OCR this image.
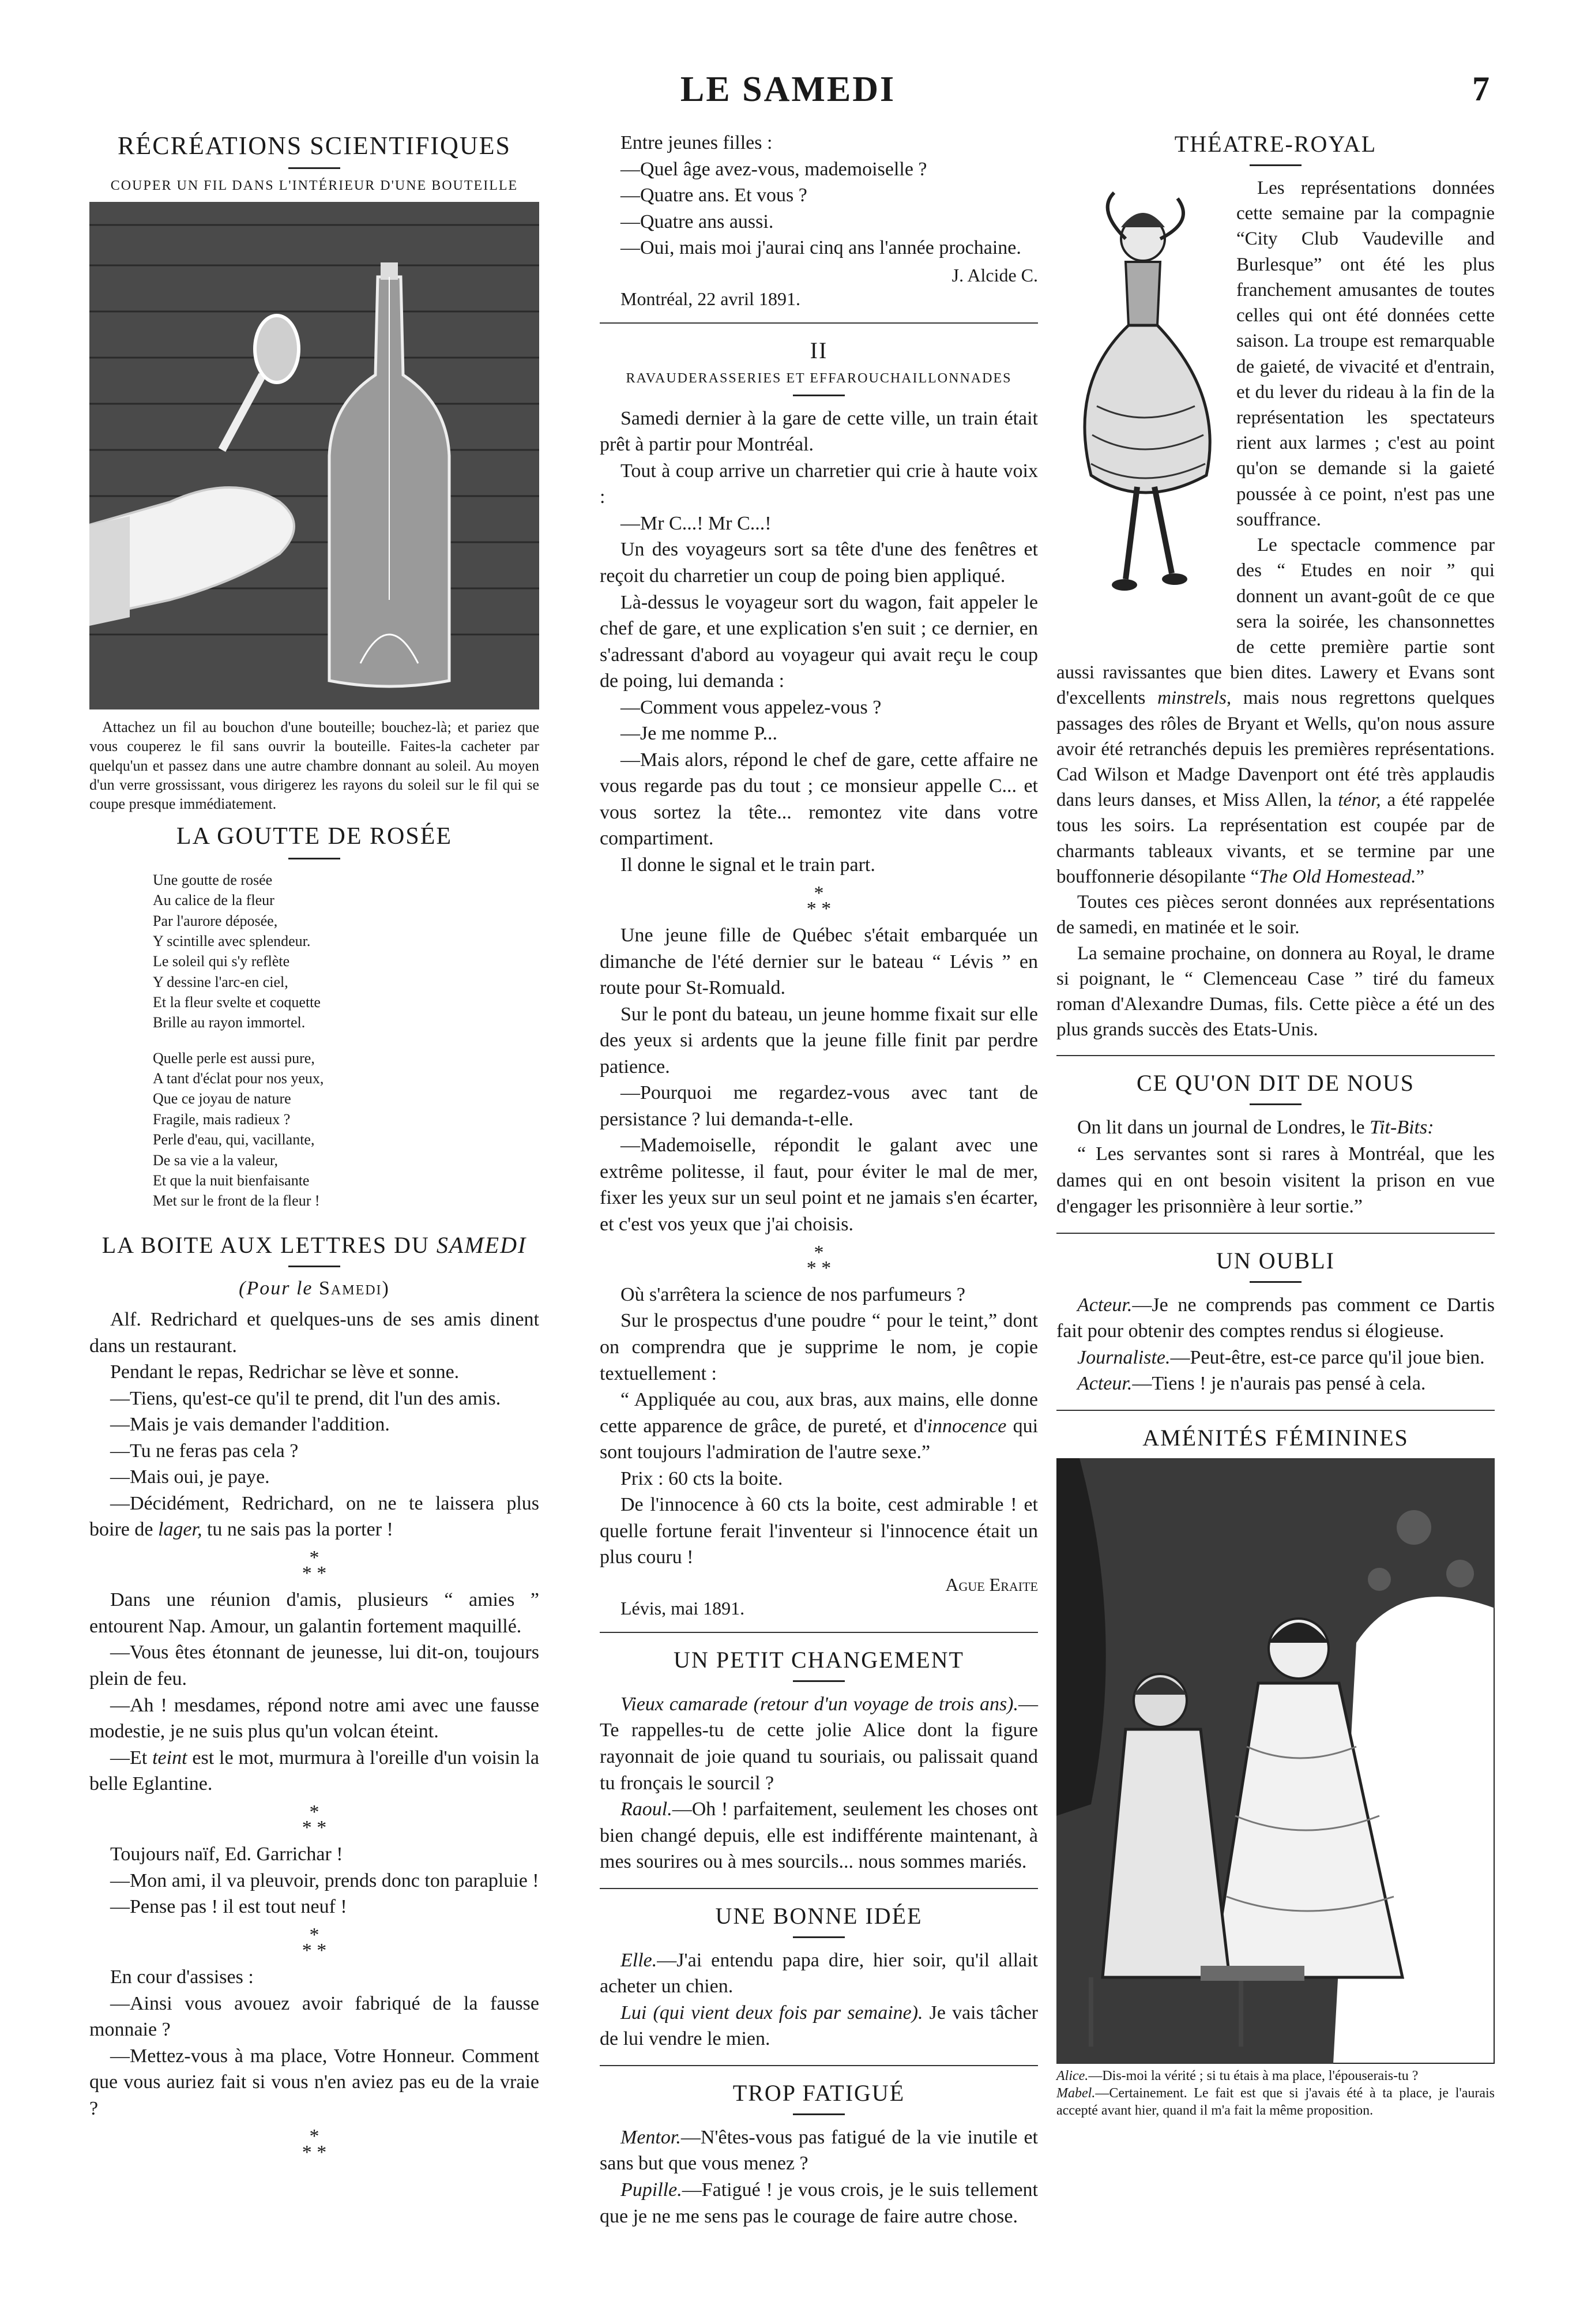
LE SAMEDI	7
RÉCRÉATIONS SCIENTIFIQUES
COUPER UN FIL DANS L'INTÉRIEUR D'UNE BOUTEILLE
Attachez un fil au bouchon d'une bouteille; bouchez-là; et pariez que vous couperez le fil sans ouvrir la bouteille. Faites-la cacheter par quelqu'un et passez dans une autre chambre donnant au soleil. Au moyen d'un verre grossissant, vous dirigerez les rayons du soleil sur le fil qui se coupe presque immédiatement.
LA GOUTTE DE ROSÉE
Une goutte de rosée
Au calice de la fleur
Par l'aurore déposée,
Y scintille avec splendeur.
Le soleil qui s'y reflète
Y dessine l'arc-en ciel,
Et la fleur svelte et coquette
Brille au rayon immortel.
Quelle perle est aussi pure,
A tant d'éclat pour nos yeux,
Que ce joyau de nature
Fragile, mais radieux ?
Perle d'eau, qui, vacillante,
De sa vie a la valeur,
Et que la nuit bienfaisante
Met sur le front de la fleur !
LA BOITE AUX LETTRES DU SAMEDI
(Pour le Samedi)

Alf. Redrichard et quelques-uns de ses amis dinent dans un restaurant.

Pendant le repas, Redrichar se lève et sonne.

—Tiens, qu'est-ce qu'il te prend, dit l'un des amis.

—Mais je vais demander l'addition.

—Tu ne feras pas cela ?

—Mais oui, je paye.

—Décidément, Redrichard, on ne te laissera plus boire de lager, tu ne sais pas la porter !

*
* *

Dans une réunion d'amis, plusieurs “ amies ” entourent Nap. Amour, un galantin fortement maquillé.

—Vous êtes étonnant de jeunesse, lui dit-on, toujours plein de feu.

—Ah ! mesdames, répond notre ami avec une fausse modestie, je ne suis plus qu'un volcan éteint.

—Et teint est le mot, murmura à l'oreille d'un voisin la belle Eglantine.

*
* *

Toujours naïf, Ed. Garrichar !

—Mon ami, il va pleuvoir, prends donc ton parapluie !

—Pense pas ! il est tout neuf !

*
* *

En cour d'assises :

—Ainsi vous avouez avoir fabriqué de la fausse monnaie ?

—Mettez-vous à ma place, Votre Honneur. Comment que vous auriez fait si vous n'en aviez pas eu de la vraie ?

*
* *

Entre jeunes filles :

—Quel âge avez-vous, mademoiselle ?

—Quatre ans. Et vous ?

—Quatre ans aussi.

—Oui, mais moi j'aurai cinq ans l'année prochaine.

J. Alcide C.
Montréal, 22 avril 1891.
II
RAVAUDERASSERIES ET EFFAROUCHAILLONNADES

Samedi dernier à la gare de cette ville, un train était prêt à partir pour Montréal.

Tout à coup arrive un charretier qui crie à haute voix :

—Mr C...! Mr C...!

Un des voyageurs sort sa tête d'une des fenêtres et reçoit du charretier un coup de poing bien appliqué.

Là-dessus le voyageur sort du wagon, fait appeler le chef de gare, et une explication s'en suit ; ce dernier, en s'adressant d'abord au voyageur qui avait reçu le coup de poing, lui demanda :

—Comment vous appelez-vous ?

—Je me nomme P...

—Mais alors, répond le chef de gare, cette affaire ne vous regarde pas du tout ; ce monsieur appelle C... et vous sortez la tête... remontez vite dans votre compartiment.

Il donne le signal et le train part.

*
* *

Une jeune fille de Québec s'était embarquée un dimanche de l'été dernier sur le bateau “ Lévis ” en route pour St-Romuald.

Sur le pont du bateau, un jeune homme fixait sur elle des yeux si ardents que la jeune fille finit par perdre patience.

—Pourquoi me regardez-vous avec tant de persistance ? lui demanda-t-elle.

—Mademoiselle, répondit le galant avec une extrême politesse, il faut, pour éviter le mal de mer, fixer les yeux sur un seul point et ne jamais s'en écarter, et c'est vos yeux que j'ai choisis.

*
* *

Où s'arrêtera la science de nos parfumeurs ?

Sur le prospectus d'une poudre “ pour le teint,” dont on comprendra que je supprime le nom, je copie textuellement :

“ Appliquée au cou, aux bras, aux mains, elle donne cette apparence de grâce, de pureté, et d'innocence qui sont toujours l'admiration de l'autre sexe.”

Prix : 60 cts la boite.

De l'innocence à 60 cts la boite, cest admirable ! et quelle fortune ferait l'inventeur si l'innocence était un plus couru !

Ague Eraite
Lévis, mai 1891.
UN PETIT CHANGEMENT

Vieux camarade (retour d'un voyage de trois ans).—Te rappelles-tu de cette jolie Alice dont la figure rayonnait de joie quand tu souriais, ou palissait quand tu fronçais le sourcil ?

Raoul.—Oh ! parfaitement, seulement les choses ont bien changé depuis, elle est indifférente maintenant, à mes sourires ou à mes sourcils... nous sommes mariés.

UNE BONNE IDÉE

Elle.—J'ai entendu papa dire, hier soir, qu'il allait acheter un chien.

Lui (qui vient deux fois par semaine). Je vais tâcher de lui vendre le mien.

TROP FATIGUÉ

Mentor.—N'êtes-vous pas fatigué de la vie inutile et sans but que vous menez ?

Pupille.—Fatigué ! je vous crois, je le suis tellement que je ne me sens pas le courage de faire autre chose.

THÉATRE-ROYAL

Les représentations données cette semaine par la compagnie “City Club Vaudeville and Burlesque” ont été les plus franchement amusantes de toutes celles qui ont été données cette saison. La troupe est remarquable de gaieté, de vivacité et d'entrain, et du lever du rideau à la fin de la représentation les spectateurs rient aux larmes ; c'est au point qu'on se demande si la gaieté poussée à ce point, n'est pas une souffrance.

Le spectacle commence par des “ Etudes en noir ” qui donnent un avant-goût de ce que sera la soirée, les chansonnettes de cette première partie sont aussi ravissantes que bien dites. Lawery et Evans sont d'excellents minstrels, mais nous regrettons quelques passages des rôles de Bryant et Wells, qu'on nous assure avoir été retranchés depuis les premières représentations. Cad Wilson et Madge Davenport ont été très applaudis dans leurs danses, et Miss Allen, la ténor, a été rappelée tous les soirs. La représentation est coupée par de charmants tableaux vivants, et se termine par une bouffonnerie désopilante “The Old Homestead.”

Toutes ces pièces seront données aux représentations de samedi, en matinée et le soir.

La semaine prochaine, on donnera au Royal, le drame si poignant, le “ Clemenceau Case ” tiré du fameux roman d'Alexandre Dumas, fils. Cette pièce a été un des plus grands succès des Etats-Unis.

CE QU'ON DIT DE NOUS

On lit dans un journal de Londres, le Tit-Bits:

“ Les servantes sont si rares à Montréal, que les dames qui en ont besoin visitent la prison en vue d'engager les prisonnière à leur sortie.”

UN OUBLI

Acteur.—Je ne comprends pas comment ce Dartis fait pour obtenir des comptes rendus si élogieuse.

Journaliste.—Peut-être, est-ce parce qu'il joue bien.

Acteur.—Tiens ! je n'aurais pas pensé à cela.

AMÉNITÉS FÉMININES
Alice.—Dis-moi la vérité ; si tu étais à ma place, l'épouserais-tu ?
Mabel.—Certainement. Le fait est que si j'avais été à ta place, je l'aurais accepté avant hier, quand il m'a fait la même proposition.
